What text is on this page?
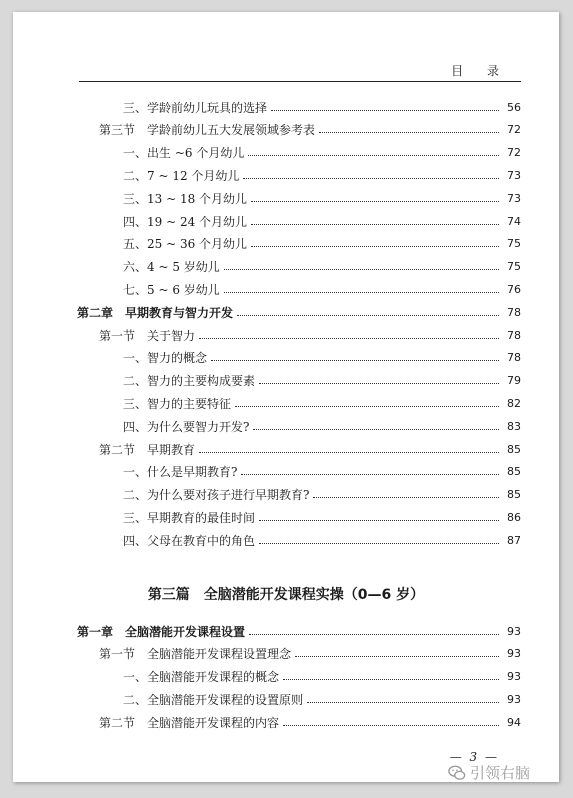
目 录
三、学龄前幼儿玩具的选择	56
第三节　学龄前幼儿五大发展领域参考表	72
一、出生 ~6 个月幼儿	72
二、7 ~ 12 个月幼儿	73
三、13 ~ 18 个月幼儿	73
四、19 ~ 24 个月幼儿	74
五、25 ~ 36 个月幼儿	75
六、4 ~ 5 岁幼儿	75
七、5 ~ 6 岁幼儿	76
第二章　早期教育与智力开发	78
第一节　关于智力	78
一、智力的概念	78
二、智力的主要构成要素	79
三、智力的主要特征	82
四、为什么要智力开发?	83
第二节　早期教育	85
一、什么是早期教育?	85
二、为什么要对孩子进行早期教育?	85
三、早期教育的最佳时间	86
四、父母在教育中的角色	87
第一章　全脑潜能开发课程设置	93
第一节　全脑潜能开发课程设置理念	93
一、全脑潜能开发课程的概念	93
二、全脑潜能开发课程的设置原则	93
第二节　全脑潜能开发课程的内容	94
第三篇　全脑潜能开发课程实操（0—6 岁）
— 3 —
引领右脑
